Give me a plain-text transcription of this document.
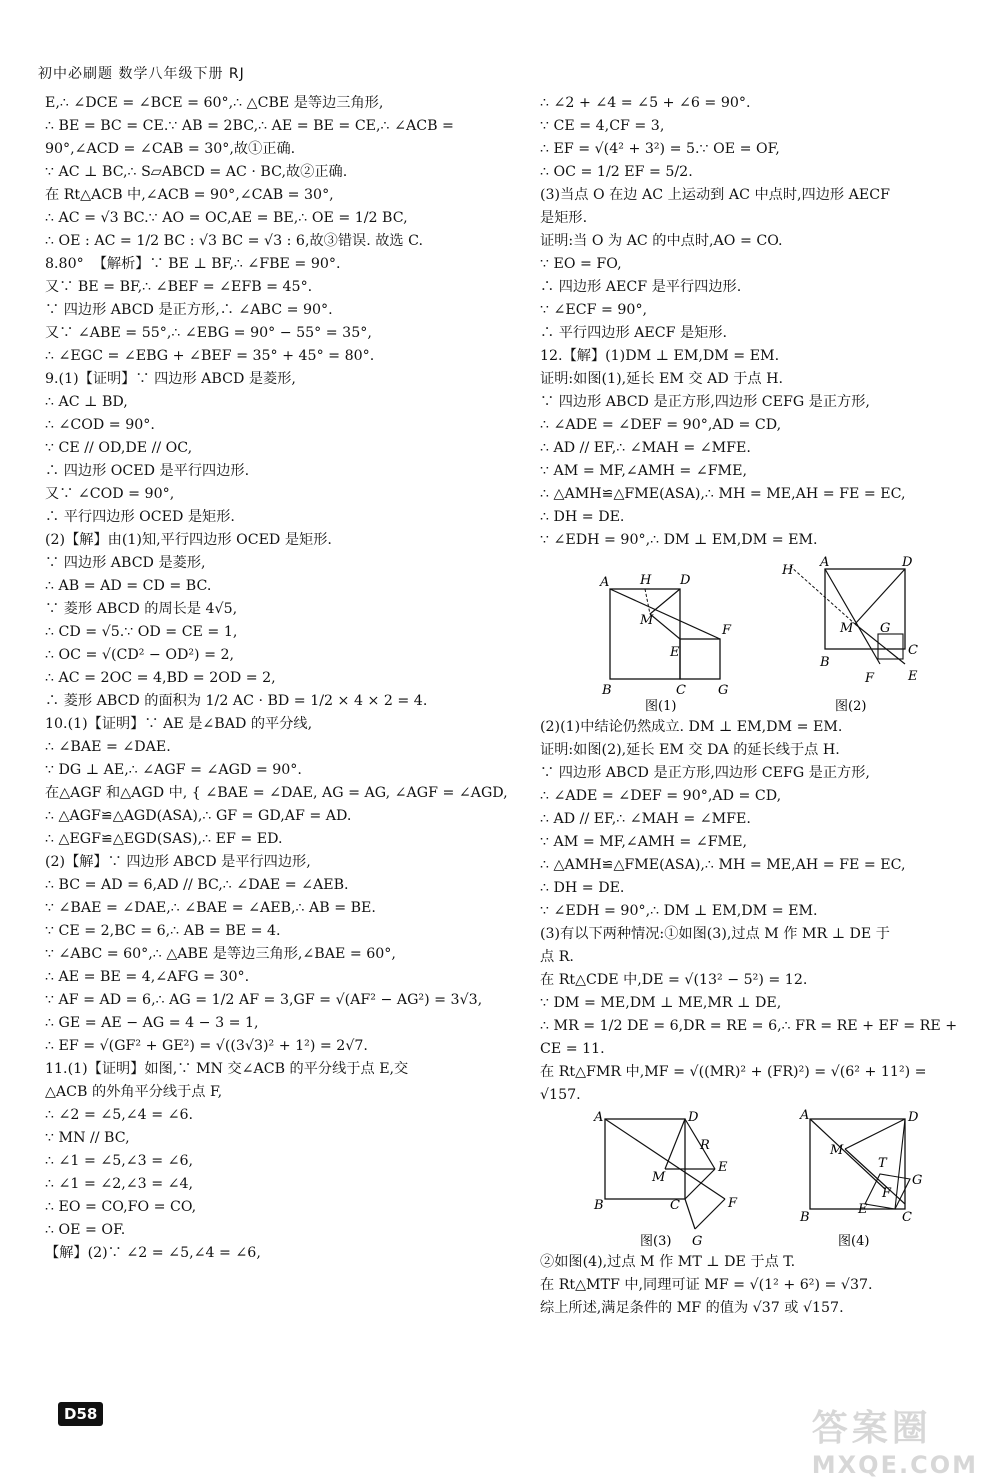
初中必刷题 数学八年级下册 RJ
E,∴ ∠DCE = ∠BCE = 60°,∴ △CBE 是等边三角形,
∴ BE = BC = CE.∵ AB = 2BC,∴ AE = BE = CE,∴ ∠ACB =
90°,∠ACD = ∠CAB = 30°,故①正确.
∵ AC ⊥ BC,∴ S▱ABCD = AC · BC,故②正确.
在 Rt△ACB 中,∠ACB = 90°,∠CAB = 30°,
∴ AC = √3 BC.∵ AO = OC,AE = BE,∴ OE = 1/2 BC,
∴ OE : AC = 1/2 BC : √3 BC = √3 : 6,故③错误. 故选 C.
8.80°  【解析】∵ BE ⊥ BF,∴ ∠FBE = 90°.
又∵ BE = BF,∴ ∠BEF = ∠EFB = 45°.
∵ 四边形 ABCD 是正方形,∴ ∠ABC = 90°.
又∵ ∠ABE = 55°,∴ ∠EBG = 90° − 55° = 35°,
∴ ∠EGC = ∠EBG + ∠BEF = 35° + 45° = 80°.
9.(1)【证明】∵ 四边形 ABCD 是菱形,
∴ AC ⊥ BD,
∴ ∠COD = 90°.
∵ CE // OD,DE // OC,
∴ 四边形 OCED 是平行四边形.
又∵ ∠COD = 90°,
∴ 平行四边形 OCED 是矩形.
(2)【解】由(1)知,平行四边形 OCED 是矩形.
∵ 四边形 ABCD 是菱形,
∴ AB = AD = CD = BC.
∵ 菱形 ABCD 的周长是 4√5,
∴ CD = √5.∵ OD = CE = 1,
∴ OC = √(CD² − OD²) = 2,
∴ AC = 2OC = 4,BD = 2OD = 2,
∴ 菱形 ABCD 的面积为 1/2 AC · BD = 1/2 × 4 × 2 = 4.
10.(1)【证明】∵ AE 是∠BAD 的平分线,
∴ ∠BAE = ∠DAE.
∵ DG ⊥ AE,∴ ∠AGF = ∠AGD = 90°.
在△AGF 和△AGD 中, { ∠BAE = ∠DAE, AG = AG, ∠AGF = ∠AGD,
∴ △AGF≌△AGD(ASA),∴ GF = GD,AF = AD.
∴ △EGF≌△EGD(SAS),∴ EF = ED.
(2)【解】∵ 四边形 ABCD 是平行四边形,
∴ BC = AD = 6,AD // BC,∴ ∠DAE = ∠AEB.
∵ ∠BAE = ∠DAE,∴ ∠BAE = ∠AEB,∴ AB = BE.
∵ CE = 2,BC = 6,∴ AB = BE = 4.
∵ ∠ABC = 60°,∴ △ABE 是等边三角形,∠BAE = 60°,
∴ AE = BE = 4,∠AFG = 30°.
∵ AF = AD = 6,∴ AG = 1/2 AF = 3,GF = √(AF² − AG²) = 3√3,
∴ GE = AE − AG = 4 − 3 = 1,
∴ EF = √(GF² + GE²) = √((3√3)² + 1²) = 2√7.
11.(1)【证明】如图,∵ MN 交∠ACB 的平分线于点 E,交
△ACB 的外角平分线于点 F,
∴ ∠2 = ∠5,∠4 = ∠6.
∵ MN // BC,
∴ ∠1 = ∠5,∠3 = ∠6,
∴ ∠1 = ∠2,∠3 = ∠4,
∴ EO = CO,FO = CO,
∴ OE = OF.
【解】(2)∵ ∠2 = ∠5,∠4 = ∠6,
∴ ∠2 + ∠4 = ∠5 + ∠6 = 90°.
∵ CE = 4,CF = 3,
∴ EF = √(4² + 3²) = 5.∵ OE = OF,
∴ OC = 1/2 EF = 5/2.
(3)当点 O 在边 AC 上运动到 AC 中点时,四边形 AECF
是矩形.
证明:当 O 为 AC 的中点时,AO = CO.
∵ EO = FO,
∴ 四边形 AECF 是平行四边形.
∵ ∠ECF = 90°,
∴ 平行四边形 AECF 是矩形.
12.【解】(1)DM ⊥ EM,DM = EM.
证明:如图(1),延长 EM 交 AD 于点 H.
∵ 四边形 ABCD 是正方形,四边形 CEFG 是正方形,
∴ ∠ADE = ∠DEF = 90°,AD = CD,
∴ AD // EF,∴ ∠MAH = ∠MFE.
∵ AM = MF,∠AMH = ∠FME,
∴ △AMH≌△FME(ASA),∴ MH = ME,AH = FE = EC,
∴ DH = DE.
∵ ∠EDH = 90°,∴ DM ⊥ EM,DM = EM.
A H D
M
F
E
B	C G
图(1)
H
A	D
M G
C
B
F	E
图(2)
(2)(1)中结论仍然成立. DM ⊥ EM,DM = EM.
证明:如图(2),延长 EM 交 DA 的延长线于点 H.
∵ 四边形 ABCD 是正方形,四边形 CEFG 是正方形,
∴ ∠ADE = ∠DEF = 90°,AD = CD,
∴ AD // EF,∴ ∠MAH = ∠MFE.
∵ AM = MF,∠AMH = ∠FME,
∴ △AMH≌△FME(ASA),∴ MH = ME,AH = FE = EC,
∴ DH = DE.
∵ ∠EDH = 90°,∴ DM ⊥ EM,DM = EM.
(3)有以下两种情况:①如图(3),过点 M 作 MR ⊥ DE 于
点 R.
在 Rt△CDE 中,DE = √(13² − 5²) = 12.
∵ DM = ME,DM ⊥ ME,MR ⊥ DE,
∴ MR = 1/2 DE = 6,DR = RE = 6,∴ FR = RE + EF = RE +
CE = 11.
在 Rt△FMR 中,MF = √((MR)² + (FR)²) = √(6² + 11²) =
√157.
A	D
R
M
E
B	C	F
G
图(3)
A	D
M
T
F
G
B
E
C
图(4)
②如图(4),过点 M 作 MT ⊥ DE 于点 T.
在 Rt△MTF 中,同理可证 MF = √(1² + 6²) = √37.
综上所述,满足条件的 MF 的值为 √37 或 √157.
D58	答案圈
MXQE.COM
